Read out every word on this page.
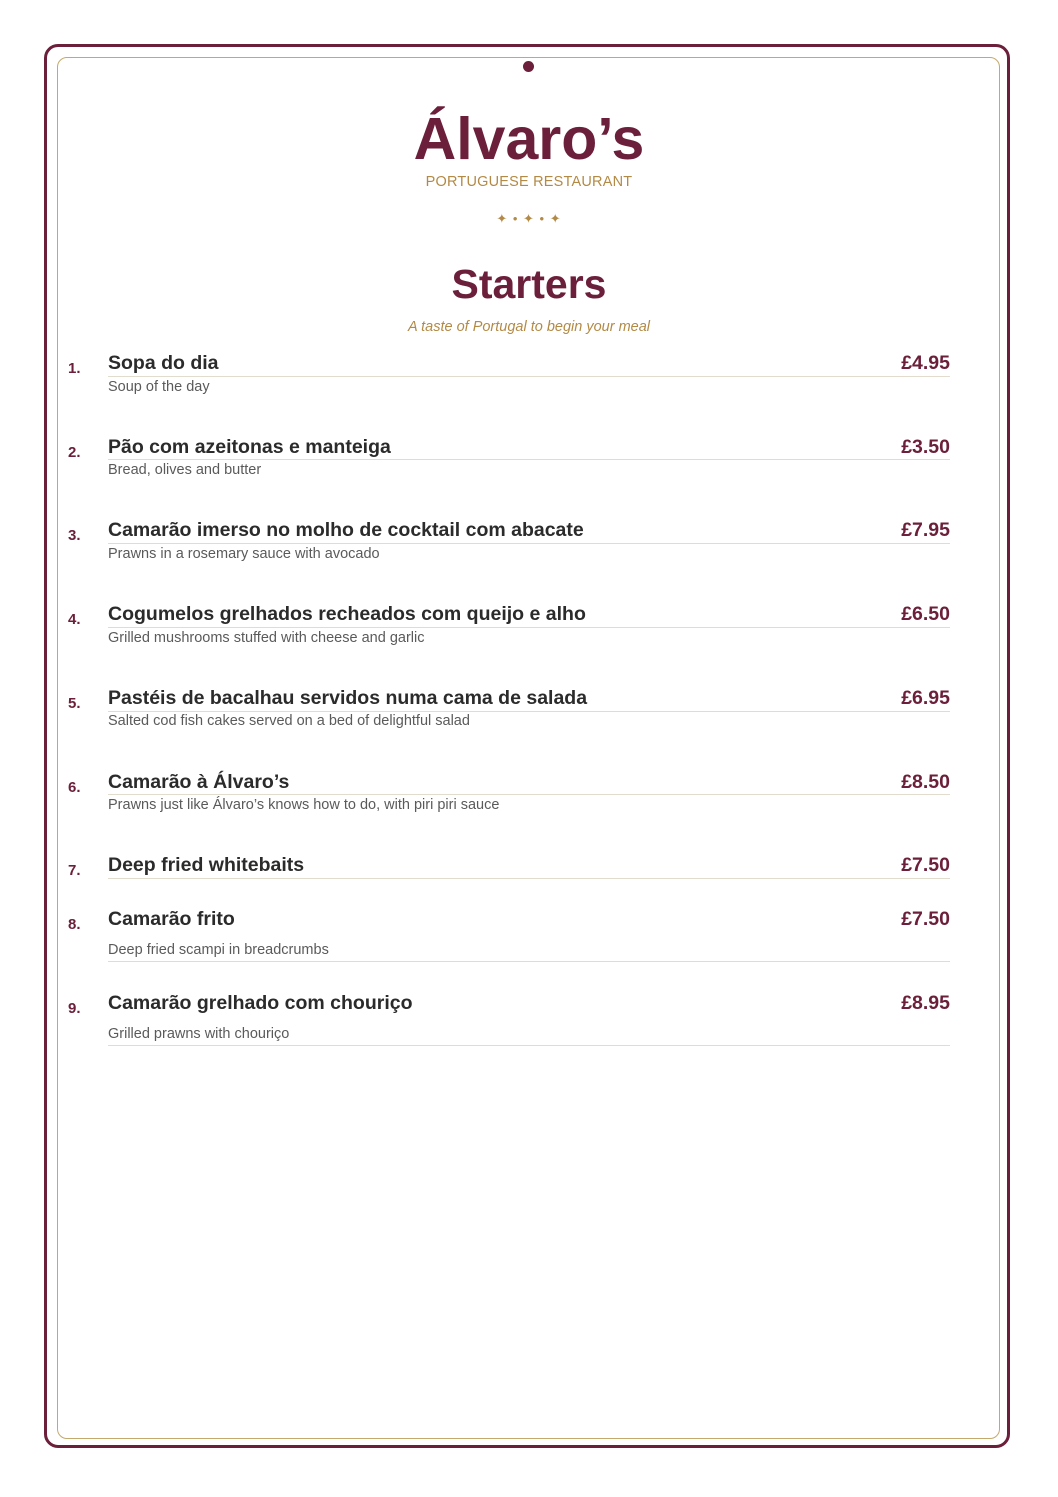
Álvaro’s
PORTUGUESE RESTAURANT
✦ • ✦ • ✦
Starters
A taste of Portugal to begin your meal
1. Sopa do dia	£4.95
Soup of the day
2. Pão com azeitonas e manteiga	£3.50
Bread, olives and butter
3. Camarão imerso no molho de cocktail com abacate	£7.95
Prawns in a rosemary sauce with avocado
4. Cogumelos grelhados recheados com queijo e alho	£6.50
Grilled mushrooms stuffed with cheese and garlic
5. Pastéis de bacalhau servidos numa cama de salada	£6.95
Salted cod fish cakes served on a bed of delightful salad
6. Camarão à Álvaro’s	£8.50
Prawns just like Álvaro’s knows how to do, with piri piri sauce
7. Deep fried whitebaits	£7.50
8. Camarão frito	£7.50
Deep fried scampi in breadcrumbs
9. Camarão grelhado com chouriço	£8.95
Grilled prawns with chouriço
